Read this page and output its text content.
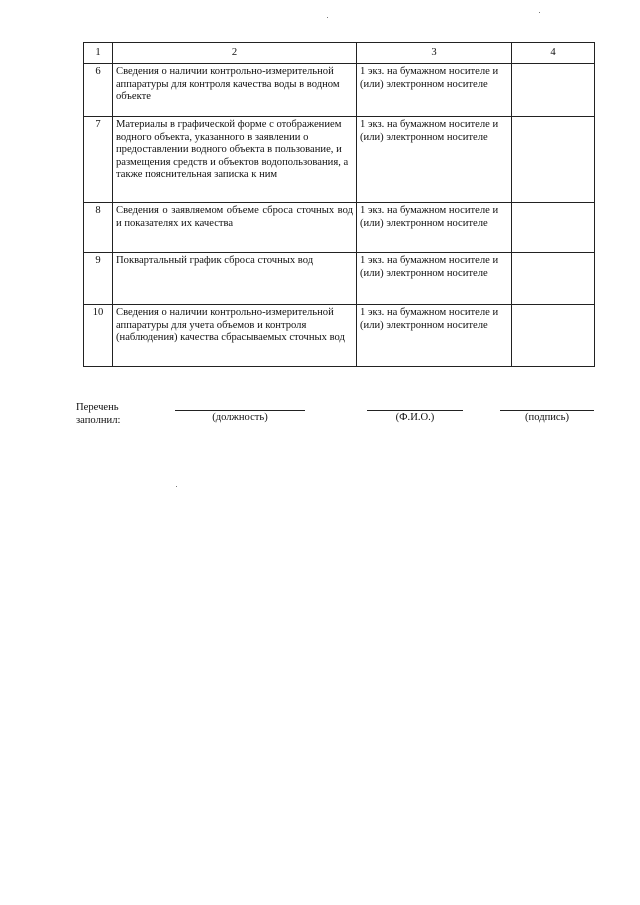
1	2	3	4
6	Сведения о наличии контрольно-измерительной аппаратуры для контроля качества воды в водном объекте	1 экз. на бумажном носителе и (или) электронном носителе	
7	Материалы в графической форме с отображением водного объекта, указанного в заявлении о предоставлении водного объекта в пользование, и размещения средств и объектов водопользования, а также пояснительная записка к ним	1 экз. на бумажном носителе и (или) электронном носителе	
8	Сведения о заявляемом объеме сброса сточных вод и показателях их качества	1 экз. на бумажном носителе и (или) электронном носителе	
9	Поквартальный график сброса сточных вод	1 экз. на бумажном носителе и (или) электронном носителе	
10	Сведения о наличии контрольно-измерительной аппаратуры для учета объемов и контроля (наблюдения) качества сбрасываемых сточных вод	1 экз. на бумажном носителе и (или) электронном носителе	
Перечень
заполнил:	(должность)	(Ф.И.О.)	(подпись)
